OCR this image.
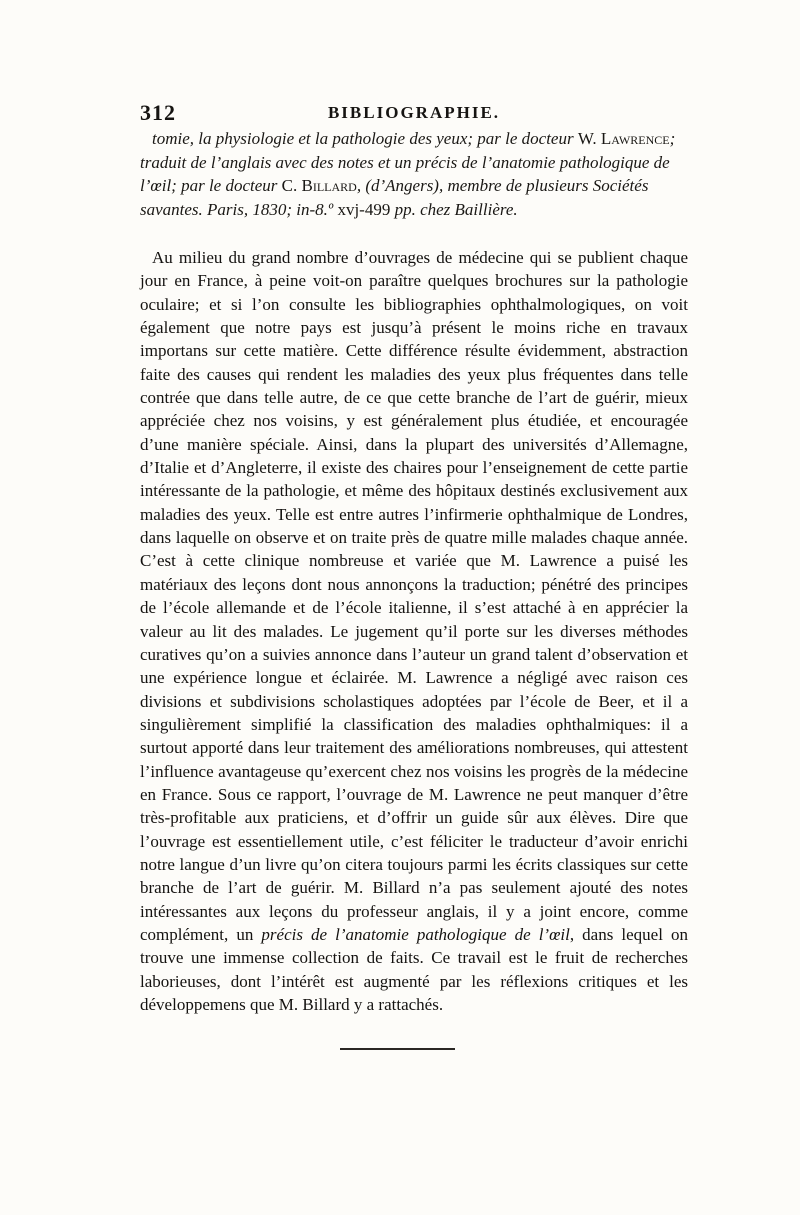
312	BIBLIOGRAPHIE.
tomie, la physiologie et la pathologie des yeux; par le docteur W. Lawrence; traduit de l’anglais avec des notes et un précis de l’anatomie pathologique de l’œil; par le docteur C. Billard, (d’Angers), membre de plusieurs Sociétés savantes. Paris, 1830; in-8.º xvj-499 pp. chez Baillière.
Au milieu du grand nombre d’ouvrages de médecine qui se publient chaque jour en France, à peine voit-on paraître quelques brochures sur la pathologie oculaire; et si l’on consulte les bibliographies ophthalmologiques, on voit également que notre pays est jusqu’à présent le moins riche en travaux importans sur cette matière. Cette différence résulte évidemment, abstraction faite des causes qui rendent les maladies des yeux plus fréquentes dans telle contrée que dans telle autre, de ce que cette branche de l’art de guérir, mieux appréciée chez nos voisins, y est généralement plus étudiée, et encouragée d’une manière spéciale. Ainsi, dans la plupart des universités d’Allemagne, d’Italie et d’Angleterre, il existe des chaires pour l’enseignement de cette partie intéressante de la pathologie, et même des hôpitaux destinés exclusivement aux maladies des yeux. Telle est entre autres l’infirmerie ophthalmique de Londres, dans laquelle on observe et on traite près de quatre mille malades chaque année. C’est à cette clinique nombreuse et variée que M. Lawrence a puisé les matériaux des leçons dont nous annonçons la traduction; pénétré des principes de l’école allemande et de l’école italienne, il s’est attaché à en apprécier la valeur au lit des malades. Le jugement qu’il porte sur les diverses méthodes curatives qu’on a suivies annonce dans l’auteur un grand talent d’observation et une expérience longue et éclairée. M. Lawrence a négligé avec raison ces divisions et subdivisions scholastiques adoptées par l’école de Beer, et il a singulièrement simplifié la classification des maladies ophthalmiques: il a surtout apporté dans leur traitement des améliorations nombreuses, qui attestent l’influence avantageuse qu’exercent chez nos voisins les progrès de la médecine en France. Sous ce rapport, l’ouvrage de M. Lawrence ne peut manquer d’être très-profitable aux praticiens, et d’offrir un guide sûr aux élèves. Dire que l’ouvrage est essentiellement utile, c’est féliciter le traducteur d’avoir enrichi notre langue d’un livre qu’on citera toujours parmi les écrits classiques sur cette branche de l’art de guérir. M. Billard n’a pas seulement ajouté des notes intéressantes aux leçons du professeur anglais, il y a joint encore, comme complément, un précis de l’anatomie pathologique de l’œil, dans lequel on trouve une immense collection de faits. Ce travail est le fruit de recherches laborieuses, dont l’intérêt est augmenté par les réflexions critiques et les développemens que M. Billard y a rattachés.
